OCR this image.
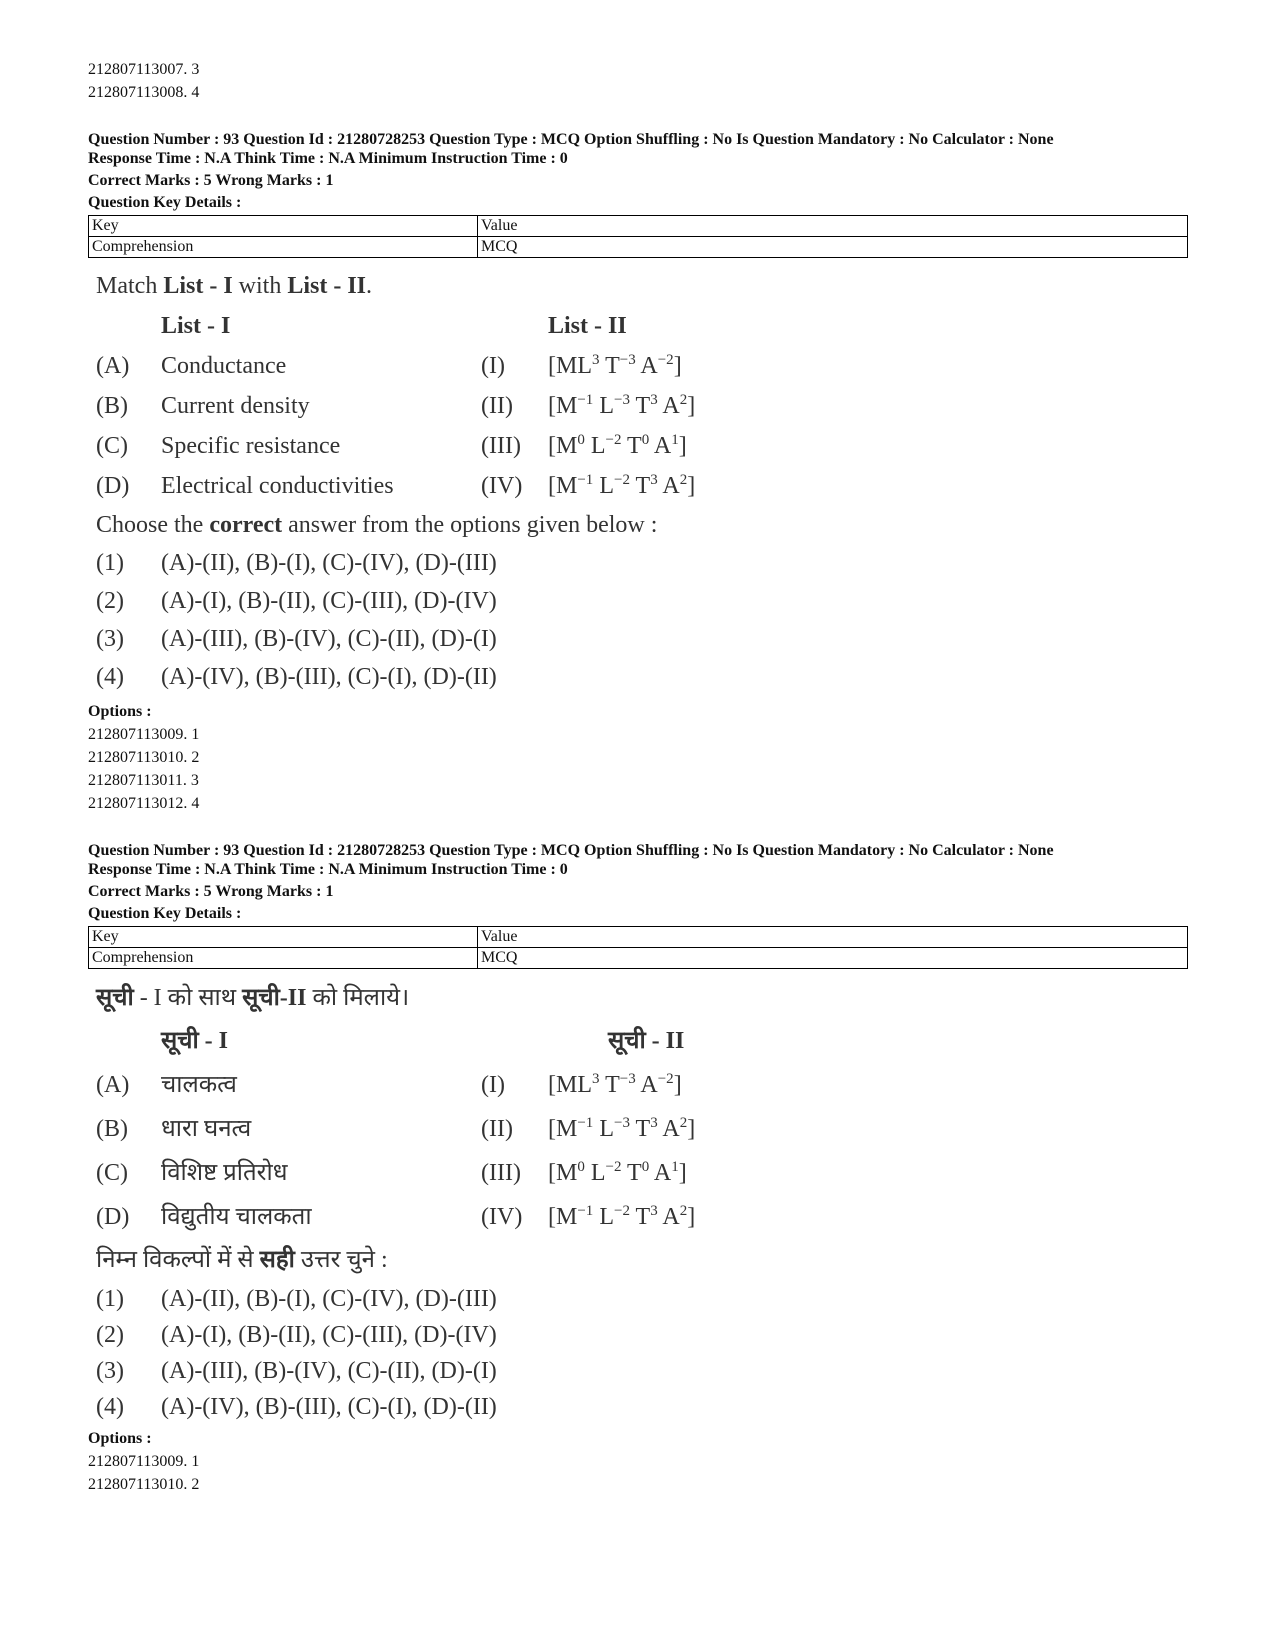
212807113007. 3
212807113008. 4
Question Number : 93 Question Id : 21280728253 Question Type : MCQ Option Shuffling : No Is Question Mandatory : No Calculator : None
Response Time : N.A Think Time : N.A Minimum Instruction Time : 0
Correct Marks : 5 Wrong Marks : 1
Question Key Details :
Key	Value
Comprehension	MCQ
Match List - I with List - II.
List - I	List - II
(A)	Conductance	(I)	[$ML^3$ $T^{-3}$ $A^{-2}$]
(B)	Current density	(II)	[$M^{-1}$ $L^{-3}$ $T^3$ $A^2$]
(C)	Specific resistance	(III)	[$M^0$ $L^{-2}$ $T^0$ $A^1$]
(D)	Electrical conductivities	(IV)	[$M^{-1}$ $L^{-2}$ $T^3$ $A^2$]
Choose the correct answer from the options given below :
(1)	(A)-(II), (B)-(I), (C)-(IV), (D)-(III)
(2)	(A)-(I), (B)-(II), (C)-(III), (D)-(IV)
(3)	(A)-(III), (B)-(IV), (C)-(II), (D)-(I)
(4)	(A)-(IV), (B)-(III), (C)-(I), (D)-(II)
Options :
212807113009. 1
212807113010. 2
212807113011. 3
212807113012. 4
Question Number : 93 Question Id : 21280728253 Question Type : MCQ Option Shuffling : No Is Question Mandatory : No Calculator : None
Response Time : N.A Think Time : N.A Minimum Instruction Time : 0
Correct Marks : 5 Wrong Marks : 1
Question Key Details :
Key	Value
Comprehension	MCQ
सूची - I को साथ सूची-II को मिलाये।
सूची - I	सूची - II
(A)	चालकत्व	(I)	[$ML^3$ $T^{-3}$ $A^{-2}$]
(B)	धारा घनत्व	(II)	[$M^{-1}$ $L^{-3}$ $T^3$ $A^2$]
(C)	विशिष्ट प्रतिरोध	(III)	[$M^0$ $L^{-2}$ $T^0$ $A^1$]
(D)	विद्युतीय चालकता	(IV)	[$M^{-1}$ $L^{-2}$ $T^3$ $A^2$]
निम्न विकल्पों में से सही उत्तर चुने :
(1)	(A)-(II), (B)-(I), (C)-(IV), (D)-(III)
(2)	(A)-(I), (B)-(II), (C)-(III), (D)-(IV)
(3)	(A)-(III), (B)-(IV), (C)-(II), (D)-(I)
(4)	(A)-(IV), (B)-(III), (C)-(I), (D)-(II)
Options :
212807113009. 1
212807113010. 2
